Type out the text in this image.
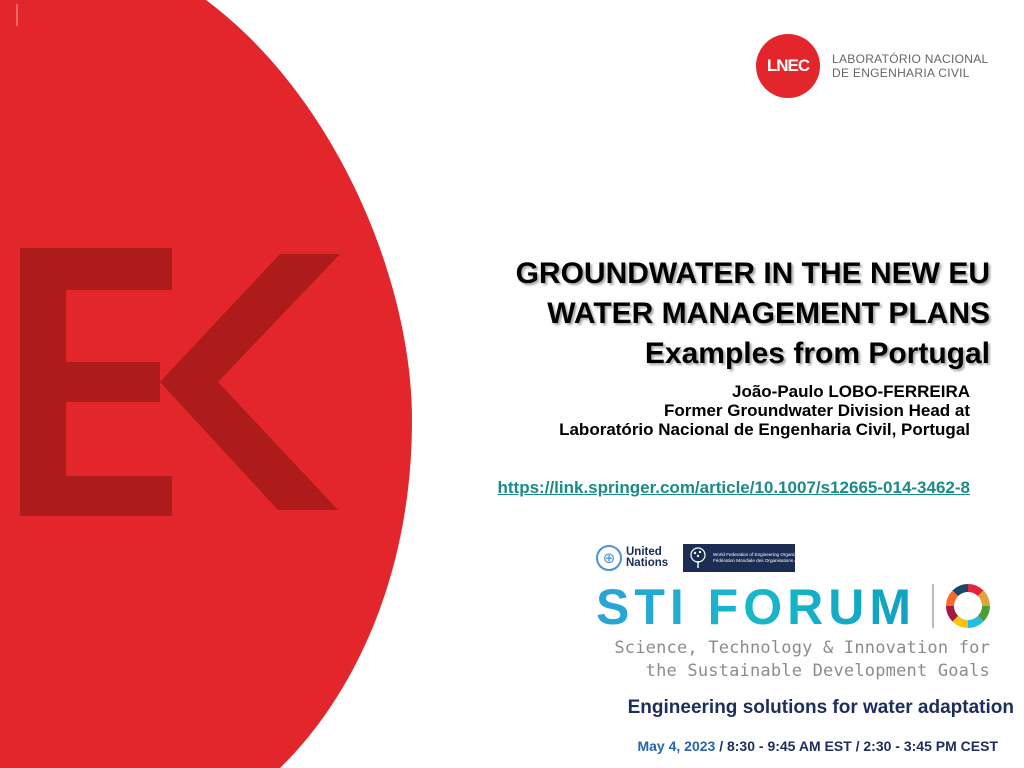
LNEC	LABORATÓRIO NACIONAL
DE ENGENHARIA CIVIL
GROUNDWATER IN THE NEW EU
WATER MANAGEMENT PLANS
Examples from Portugal
João-Paulo LOBO-FERREIRA
Former Groundwater Division Head at
Laboratório Nacional de Engenharia Civil, Portugal
https://link.springer.com/article/10.1007/s12665-014-3462-8
⊕ United
Nations
World Federation of Engineering Organizations
Fédération Mondiale des Organisations d'Ingénieurs
STI FORUM
Science, Technology & Innovation for
the Sustainable Development Goals
Engineering solutions for water adaptation
May 4, 2023 / 8:30 - 9:45 AM EST / 2:30 - 3:45 PM CEST
